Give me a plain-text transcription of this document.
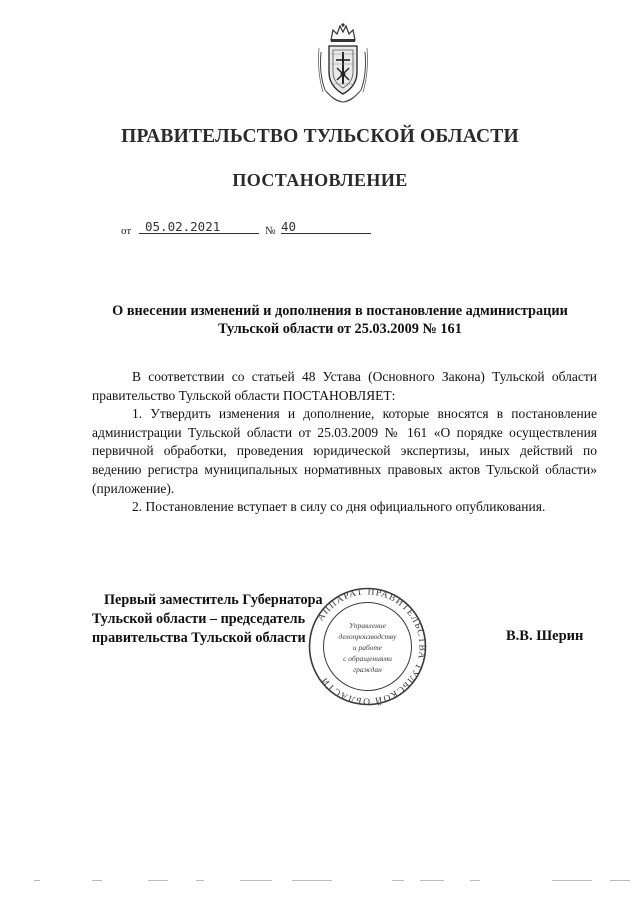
ПРАВИТЕЛЬСТВО ТУЛЬСКОЙ ОБЛАСТИ
ПОСТАНОВЛЕНИЕ
от	05.02.2021	№ 40
О внесении изменений и дополнения в постановление администрации Тульской области от 25.03.2009 № 161

В соответствии со статьей 48 Устава (Основного Закона) Тульской области правительство Тульской области ПОСТАНОВЛЯЕТ:

1. Утвердить изменения и дополнение, которые вносятся в постановление администрации Тульской области от 25.03.2009 № 161 «О порядке осуществления первичной обработки, проведения юридической экспертизы, иных действий по ведению регистра муниципальных нормативных правовых актов Тульской области» (приложение).

2. Постановление вступает в силу со дня официального опубликования.

Первый заместитель Губернатора
Тульской области – председатель
правительства Тульской области	В.В. Шерин
АППАРАТ ПРАВИТЕЛЬСТВА ТУЛЬСКОЙ ОБЛАСТИ
Управление
делопроизводству
и работе
с обращениями
граждан
